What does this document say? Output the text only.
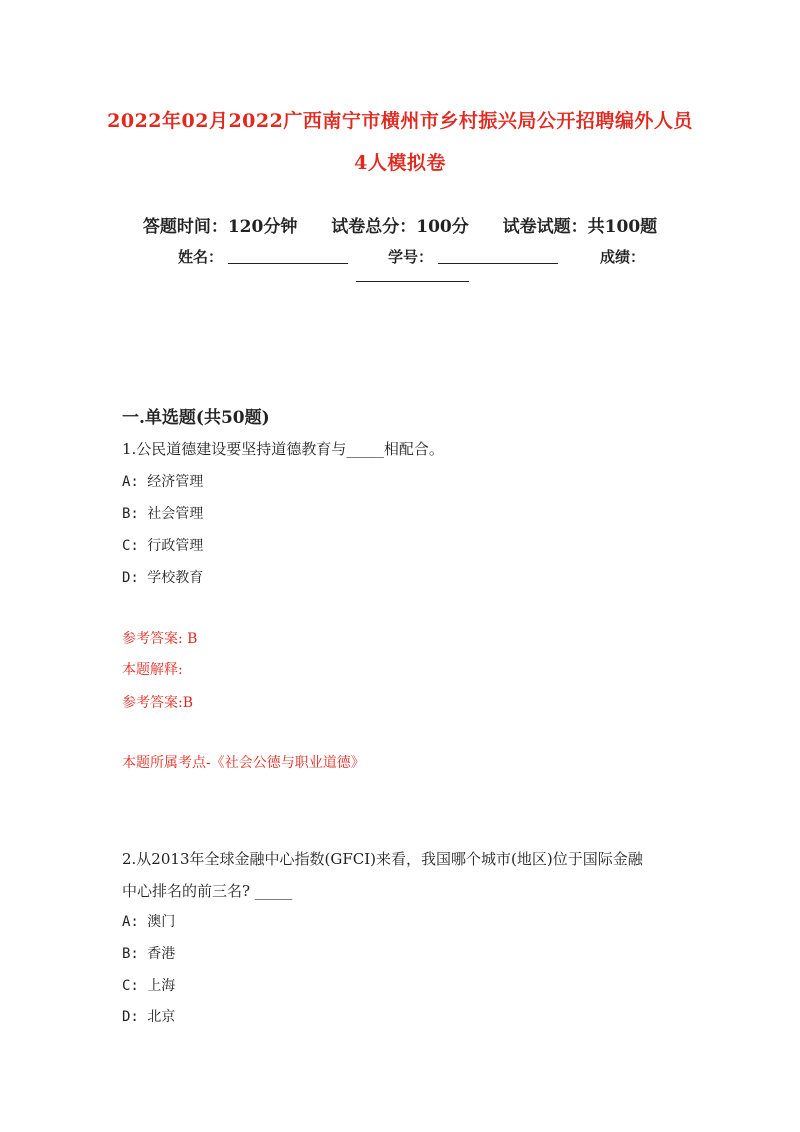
2022年02月2022广西南宁市横州市乡村振兴局公开招聘编外人员
4人模拟卷
答题时间：120分钟 试卷总分：100分 试卷试题：共100题
姓名：	学号：	成绩：
一.单选题(共50题)
1.公民道德建设要坚持道德教育与_____相配合。
A: 经济管理
B: 社会管理
C: 行政管理
D: 学校教育
参考答案: B
本题解释:
参考答案:B
本题所属考点-《社会公德与职业道德》
2.从2013年全球金融中心指数(GFCI)来看，我国哪个城市(地区)位于国际金融
中心排名的前三名? _____
A: 澳门
B: 香港
C: 上海
D: 北京
